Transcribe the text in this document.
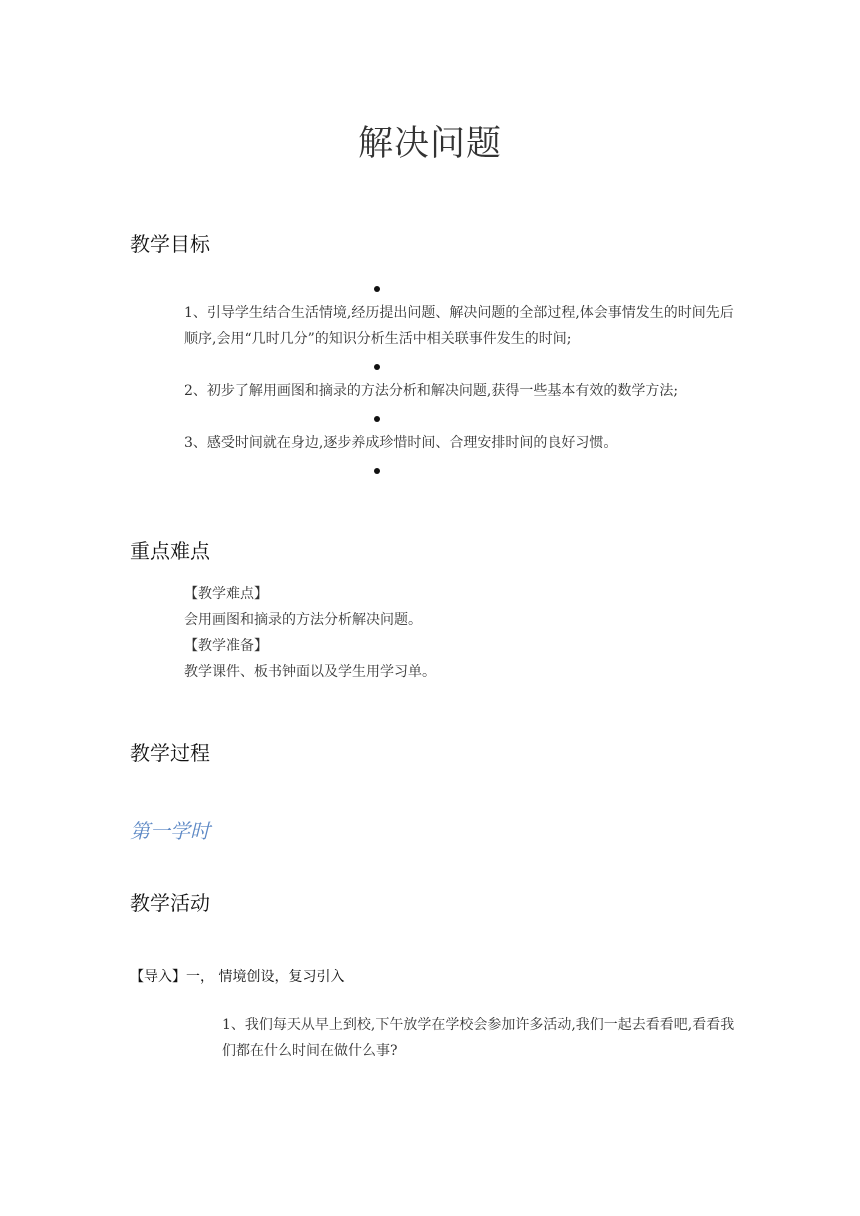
解决问题
教学目标

1、引导学生结合生活情境,经历提出问题、解决问题的全部过程,体会事情发生的时间先后顺序,会用“几时几分”的知识分析生活中相关联事件发生的时间;

2、初步了解用画图和摘录的方法分析和解决问题,获得一些基本有效的数学方法;

3、感受时间就在身边,逐步养成珍惜时间、合理安排时间的良好习惯。

重点难点

【教学难点】

会用画图和摘录的方法分析解决问题。

【教学准备】

教学课件、板书钟面以及学生用学习单。

教学过程
第一学时
教学活动

【导入】一， 情境创设，复习引入

1、我们每天从早上到校,下午放学在学校会参加许多活动,我们一起去看看吧,看看我们都在什么时间在做什么事?
